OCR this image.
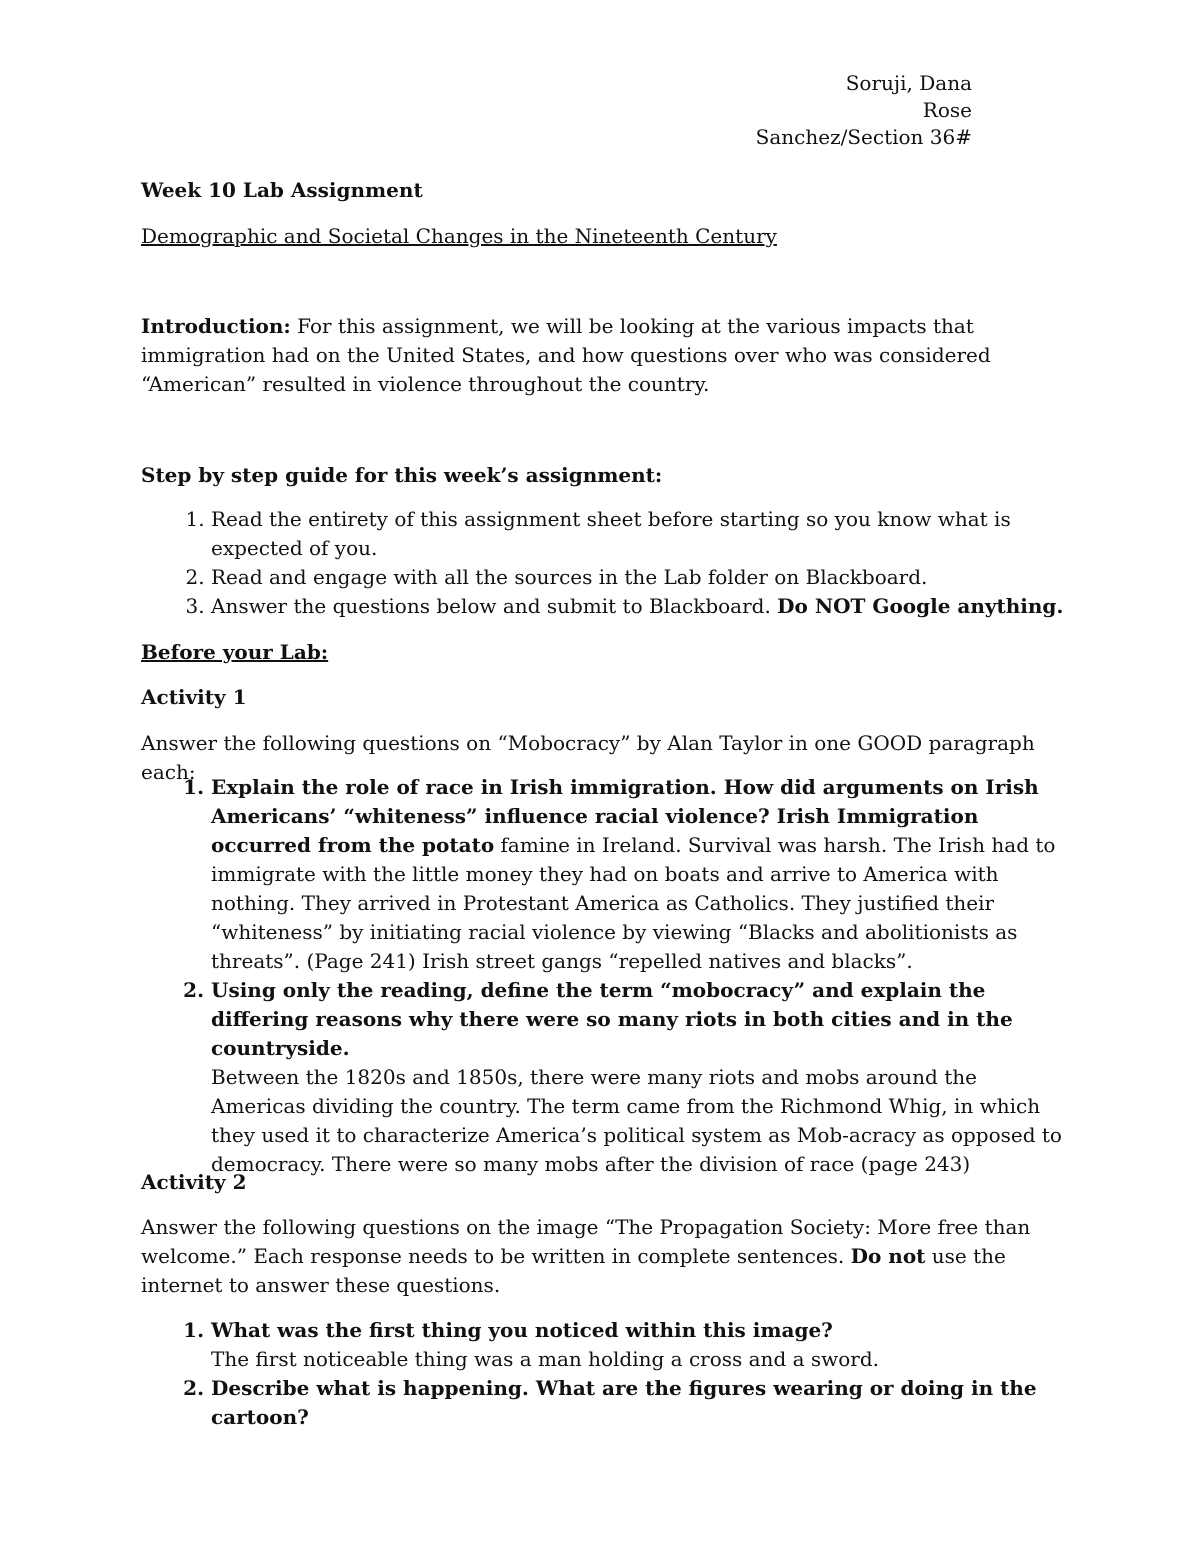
Soruji, Dana
Rose
Sanchez/Section 36#
Week 10 Lab Assignment
Demographic and Societal Changes in the Nineteenth Century

Introduction: For this assignment, we will be looking at the various impacts that immigration had on the United States, and how questions over who was considered “American” resulted in violence throughout the country.

Step by step guide for this week’s assignment:

1. Read the entirety of this assignment sheet before starting so you know what is expected of you.
2. Read and engage with all the sources in the Lab folder on Blackboard.
3. Answer the questions below and submit to Blackboard. Do NOT Google anything.

Before your Lab:

Activity 1

Answer the following questions on “Mobocracy” by Alan Taylor in one GOOD paragraph each:

1. Explain the role of race in Irish immigration. How did arguments on Irish Americans’ “whiteness” influence racial violence? Irish Immigration occurred from the potato famine in Ireland. Survival was harsh. The Irish had to immigrate with the little money they had on boats and arrive to America with nothing. They arrived in Protestant America as Catholics. They justified their “whiteness” by initiating racial violence by viewing “Blacks and abolitionists as threats”. (Page 241) Irish street gangs “repelled natives and blacks”.
2. Using only the reading, define the term “mobocracy” and explain the differing reasons why there were so many riots in both cities and in the countryside.
Between the 1820s and 1850s, there were many riots and mobs around the Americas dividing the country. The term came from the Richmond Whig, in which they used it to characterize America’s political system as Mob-acracy as opposed to democracy. There were so many mobs after the division of race (page 243)

Activity 2

Answer the following questions on the image “The Propagation Society: More free than welcome.” Each response needs to be written in complete sentences. Do not use the internet to answer these questions.

1. What was the first thing you noticed within this image?
The first noticeable thing was a man holding a cross and a sword.
2. Describe what is happening. What are the figures wearing or doing in the cartoon?
